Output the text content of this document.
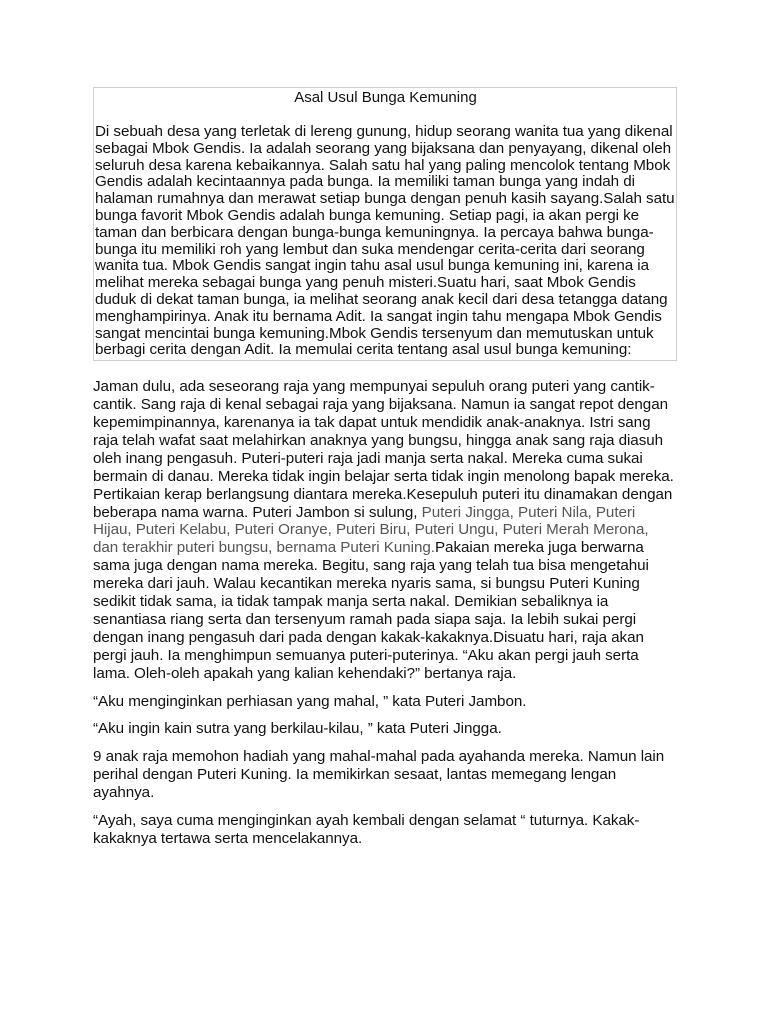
Asal Usul Bunga Kemuning

Di sebuah desa yang terletak di lereng gunung, hidup seorang wanita tua yang dikenal sebagai Mbok Gendis. Ia adalah seorang yang bijaksana dan penyayang, dikenal oleh seluruh desa karena kebaikannya. Salah satu hal yang paling mencolok tentang Mbok Gendis adalah kecintaannya pada bunga. Ia memiliki taman bunga yang indah di halaman rumahnya dan merawat setiap bunga dengan penuh kasih sayang.Salah satu bunga favorit Mbok Gendis adalah bunga kemuning. Setiap pagi, ia akan pergi ke taman dan berbicara dengan bunga-bunga kemuningnya. Ia percaya bahwa bunga-bunga itu memiliki roh yang lembut dan suka mendengar cerita-cerita dari seorang wanita tua. Mbok Gendis sangat ingin tahu asal usul bunga kemuning ini, karena ia melihat mereka sebagai bunga yang penuh misteri.Suatu hari, saat Mbok Gendis duduk di dekat taman bunga, ia melihat seorang anak kecil dari desa tetangga datang menghampirinya. Anak itu bernama Adit. Ia sangat ingin tahu mengapa Mbok Gendis sangat mencintai bunga kemuning.Mbok Gendis tersenyum dan memutuskan untuk berbagi cerita dengan Adit. Ia memulai cerita tentang asal usul bunga kemuning:

Jaman dulu, ada seseorang raja yang mempunyai sepuluh orang puteri yang cantik-cantik. Sang raja di kenal sebagai raja yang bijaksana. Namun ia sangat repot dengan kepemimpinannya, karenanya ia tak dapat untuk mendidik anak-anaknya. Istri sang raja telah wafat saat melahirkan anaknya yang bungsu, hingga anak sang raja diasuh oleh inang pengasuh. Puteri-puteri raja jadi manja serta nakal. Mereka cuma sukai bermain di danau. Mereka tidak ingin belajar serta tidak ingin menolong bapak mereka. Pertikaian kerap berlangsung diantara mereka.Kesepuluh puteri itu dinamakan dengan beberapa nama warna. Puteri Jambon si sulung, Puteri Jingga, Puteri Nila, Puteri Hijau, Puteri Kelabu, Puteri Oranye, Puteri Biru, Puteri Ungu, Puteri Merah Merona, dan terakhir puteri bungsu, bernama Puteri Kuning.Pakaian mereka juga berwarna sama juga dengan nama mereka. Begitu, sang raja yang telah tua bisa mengetahui mereka dari jauh. Walau kecantikan mereka nyaris sama, si bungsu Puteri Kuning sedikit tidak sama, ia tidak tampak manja serta nakal. Demikian sebaliknya ia senantiasa riang serta dan tersenyum ramah pada siapa saja. Ia lebih sukai pergi dengan inang pengasuh dari pada dengan kakak-kakaknya.Disuatu hari, raja akan pergi jauh. Ia menghimpun semuanya puteri-puterinya. “Aku akan pergi jauh serta lama. Oleh-oleh apakah yang kalian kehendaki?” bertanya raja.

“Aku menginginkan perhiasan yang mahal, ” kata Puteri Jambon.

“Aku ingin kain sutra yang berkilau-kilau, ” kata Puteri Jingga.

9 anak raja memohon hadiah yang mahal-mahal pada ayahanda mereka. Namun lain perihal dengan Puteri Kuning. Ia memikirkan sesaat, lantas memegang lengan ayahnya.

“Ayah, saya cuma menginginkan ayah kembali dengan selamat “ tuturnya. Kakak-kakaknya tertawa serta mencelakannya.
